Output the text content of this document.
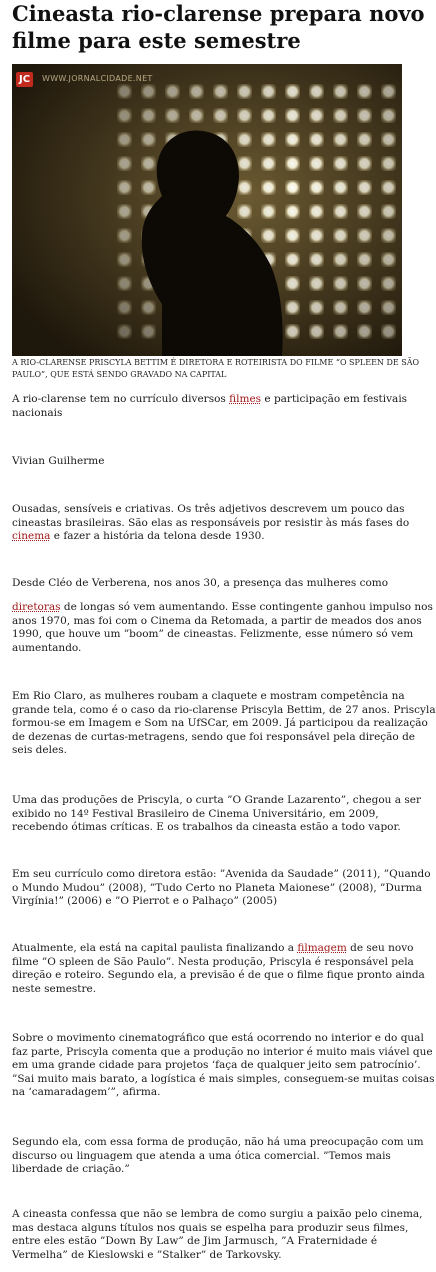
Cineasta rio-clarense prepara novo filme para este semestre
JC	WWW.JORNALCIDADE.NET
A RIO-CLARENSE PRISCYLA BETTIM É DIRETORA E ROTEIRISTA DO FILME “O SPLEEN DE SÃO PAULO”, QUE ESTÁ SENDO GRAVADO NA CAPITAL

A rio-clarense tem no currículo diversos filmes e participação em festivais nacionais

Vivian Guilherme

Ousadas, sensíveis e criativas. Os três adjetivos descrevem um pouco das cineastas brasileiras. São elas as responsáveis por resistir às más fases do cinema e fazer a história da telona desde 1930.

Desde Cléo de Verberena, nos anos 30, a presença das mulheres como

diretoras de longas só vem aumentando. Esse contingente ganhou impulso nos anos 1970, mas foi com o Cinema da Retomada, a partir de meados dos anos 1990, que houve um ”boom” de cineastas. Felizmente, esse número só vem aumentando.

Em Rio Claro, as mulheres roubam a claquete e mostram competência na grande tela, como é o caso da rio-clarense Priscyla Bettim, de 27 anos. Priscyla formou-se em Imagem e Som na UfSCar, em 2009. Já participou da realização de dezenas de curtas-metragens, sendo que foi responsável pela direção de seis deles.

Uma das produções de Priscyla, o curta ”O Grande Lazarento”, chegou a ser exibido no 14º Festival Brasileiro de Cinema Universitário, em 2009, recebendo ótimas críticas. E os trabalhos da cineasta estão a todo vapor.

Em seu currículo como diretora estão: ”Avenida da Saudade” (2011), ”Quando o Mundo Mudou” (2008), ”Tudo Certo no Planeta Maionese” (2008), ”Durma Virgínia!” (2006) e ”O Pierrot e o Palhaço” (2005)

Atualmente, ela está na capital paulista finalizando a filmagem de seu novo filme ”O spleen de São Paulo”. Nesta produção, Priscyla é responsável pela direção e roteiro. Segundo ela, a previsão é de que o filme fique pronto ainda neste semestre.

Sobre o movimento cinematográfico que está ocorrendo no interior e do qual faz parte, Priscyla comenta que a produção no interior é muito mais viável que em uma grande cidade para projetos ‘faça de qualquer jeito sem patrocínio’. ”Sai muito mais barato, a logística é mais simples, conseguem-se muitas coisas na ‘camaradagem’”, afirma.

Segundo ela, com essa forma de produção, não há uma preocupação com um discurso ou linguagem que atenda a uma ótica comercial. ”Temos mais liberdade de criação.”

A cineasta confessa que não se lembra de como surgiu a paixão pelo cinema, mas destaca alguns títulos nos quais se espelha para produzir seus filmes, entre eles estão ”Down By Law” de Jim Jarmusch, ”A Fraternidade é Vermelha” de Kieslowski e ”Stalker” de Tarkovsky.
